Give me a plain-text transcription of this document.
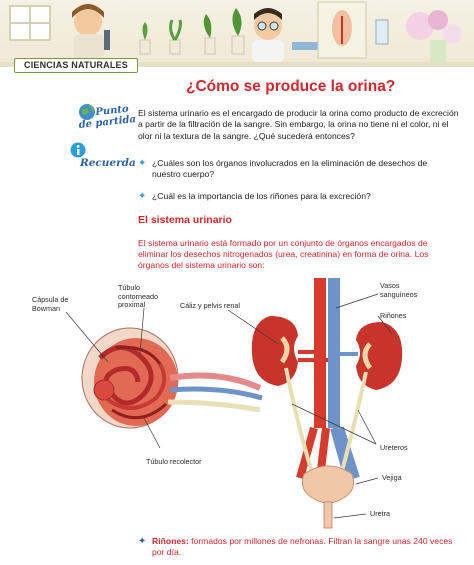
CIENCIAS NATURALES
¿Cómo se produce la orina?
Punto de partida
Recuerda
El sistema urinario es el encargado de producir la orina como producto de excreción a partir de la filtración de la sangre. Sin embargo, la orina no tiene ni el color, ni el olor ni la textura de la sangre. ¿Qué sucederá entonces?
✦ ¿Cuáles son los órganos involucrados en la eliminación de desechos de nuestro cuerpo?
✦ ¿Cuál es la importancia de los riñones para la excreción?
El sistema urinario
El sistema urinario está formado por un conjunto de órganos encargados de eliminar los desechos nitrogenados (urea, creatinina) en forma de orina. Los órganos del sistema urinario son:
Cápsula de Bowman
Túbulo contorneado proximal	Cáliz y pelvis renal
Vasos sanguíneos
Riñones
Túbulo recolector
Ureteros
Vejiga
Uretra
✦ Riñones: formados por millones de nefronas. Filtran la sangre unas 240 veces por día.
